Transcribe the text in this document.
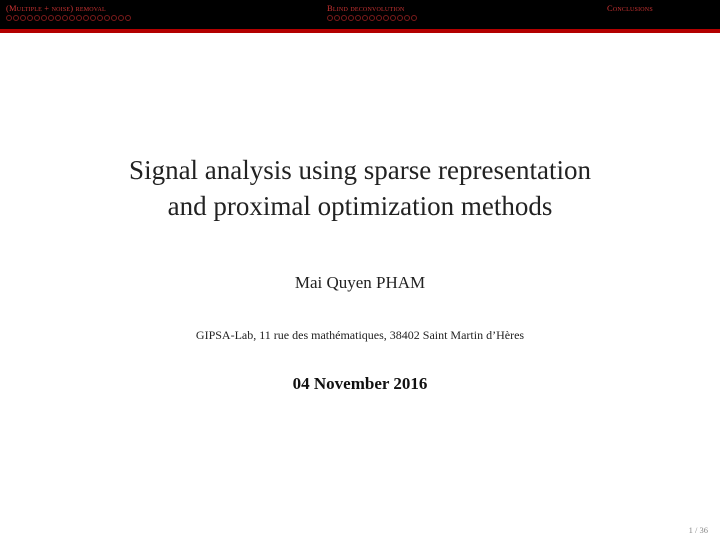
(Multiple + noise) removal	Blind deconvolution	Conclusions
Signal analysis using sparse representation
and proximal optimization methods
Mai Quyen PHAM
GIPSA-Lab, 11 rue des mathématiques, 38402 Saint Martin d’Hères
04 November 2016
1 / 36
